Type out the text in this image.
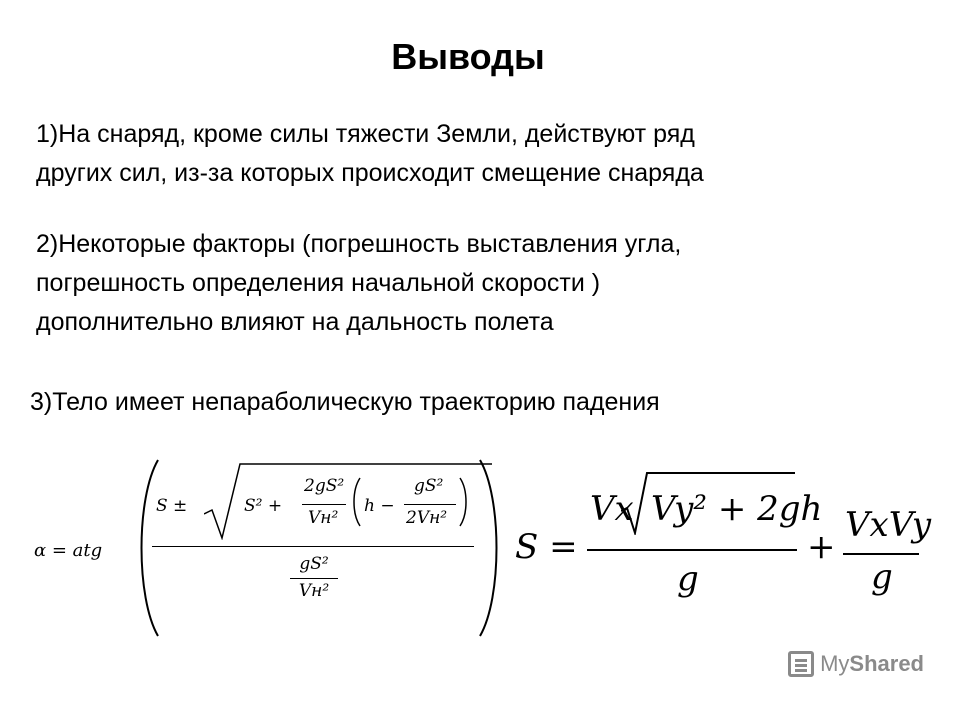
Выводы
1)На снаряд, кроме силы тяжести Земли, действуют ряд
других сил, из-за которых происходит смещение снаряда
2)Некоторые факторы (погрешность выставления угла,
погрешность определения начальной скорости )
дополнительно влияют на дальность полета
3)Тело имеет непараболическую траекторию падения
α = atg
S ±	S² +
2gS²
Vн²
h −
gS²
2Vн²
gS²
Vн²
S =
Vx Vy² + 2gh
g
+
VxVy
g
MyShared
